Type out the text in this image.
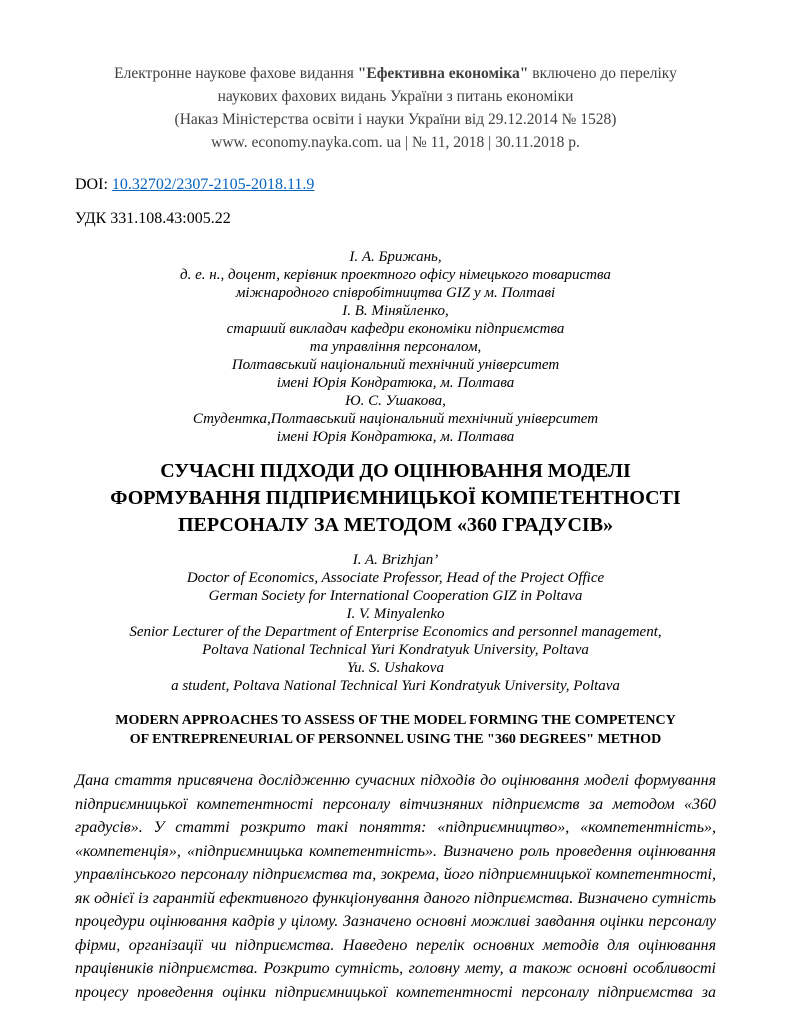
Електронне наукове фахове видання "Ефективна економіка" включено до переліку
наукових фахових видань України з питань економіки
(Наказ Міністерства освіти і науки України від 29.12.2014 № 1528)
www. economy.nayka.com. ua | № 11, 2018 | 30.11.2018 р.

DOI: 10.32702/2307-2105-2018.11.9

УДК 331.108.43:005.22

І. А. Брижань,
д. е. н., доцент, керівник проектного офісу німецького товариства
міжнародного співробітництва GIZ у м. Полтаві
І. В. Міняйленко,
старший викладач кафедри економіки підприємства
та управління персоналом,
Полтавський національний технічний університет
імені Юрія Кондратюка, м. Полтава
Ю. С. Ушакова,
Студентка,Полтавський національний технічний університет
імені Юрія Кондратюка, м. Полтава
СУЧАСНІ ПІДХОДИ ДО ОЦІНЮВАННЯ МОДЕЛІ
ФОРМУВАННЯ ПІДПРИЄМНИЦЬКОЇ КОМПЕТЕНТНОСТІ
ПЕРСОНАЛУ ЗА МЕТОДОМ «360 ГРАДУСІВ»
I. A. Brizhjan’
Doctor of Economics, Associate Professor, Head of the Project Office
German Society for International Cooperation GIZ in Poltava
I. V. Minyalenko
Senior Lecturer of the Department of Enterprise Economics and personnel management,
Poltava National Technical Yuri Kondratyuk University, Poltava
Yu. S. Ushakova
a student, Poltava National Technical Yuri Kondratyuk University, Poltava
MODERN APPROACHES TO ASSESS OF THE MODEL FORMING THE COMPETENCY
OF ENTREPRENEURIAL OF PERSONNEL USING THE "360 DEGREES" METHOD

Дана стаття присвячена дослідженню сучасних підходів до оцінювання моделі формування підприємницької компетентності персоналу вітчизняних підприємств за методом «360 градусів». У статті розкрито такі поняття: «підприємництво», «компетентність», «компетенція», «підприємницька компетентність». Визначено роль проведення оцінювання управлінського персоналу підприємства та, зокрема, його підприємницької компетентності, як однієї із гарантій ефективного функціонування даного підприємства. Визначено сутність процедури оцінювання кадрів у цілому. Зазначено основні можливі завдання оцінки персоналу фірми, організації чи підприємства. Наведено перелік основних методів для оцінювання працівників підприємства. Розкрито сутність, головну мету, а також основні особливості процесу проведення оцінки підприємницької компетентності персоналу підприємства за
